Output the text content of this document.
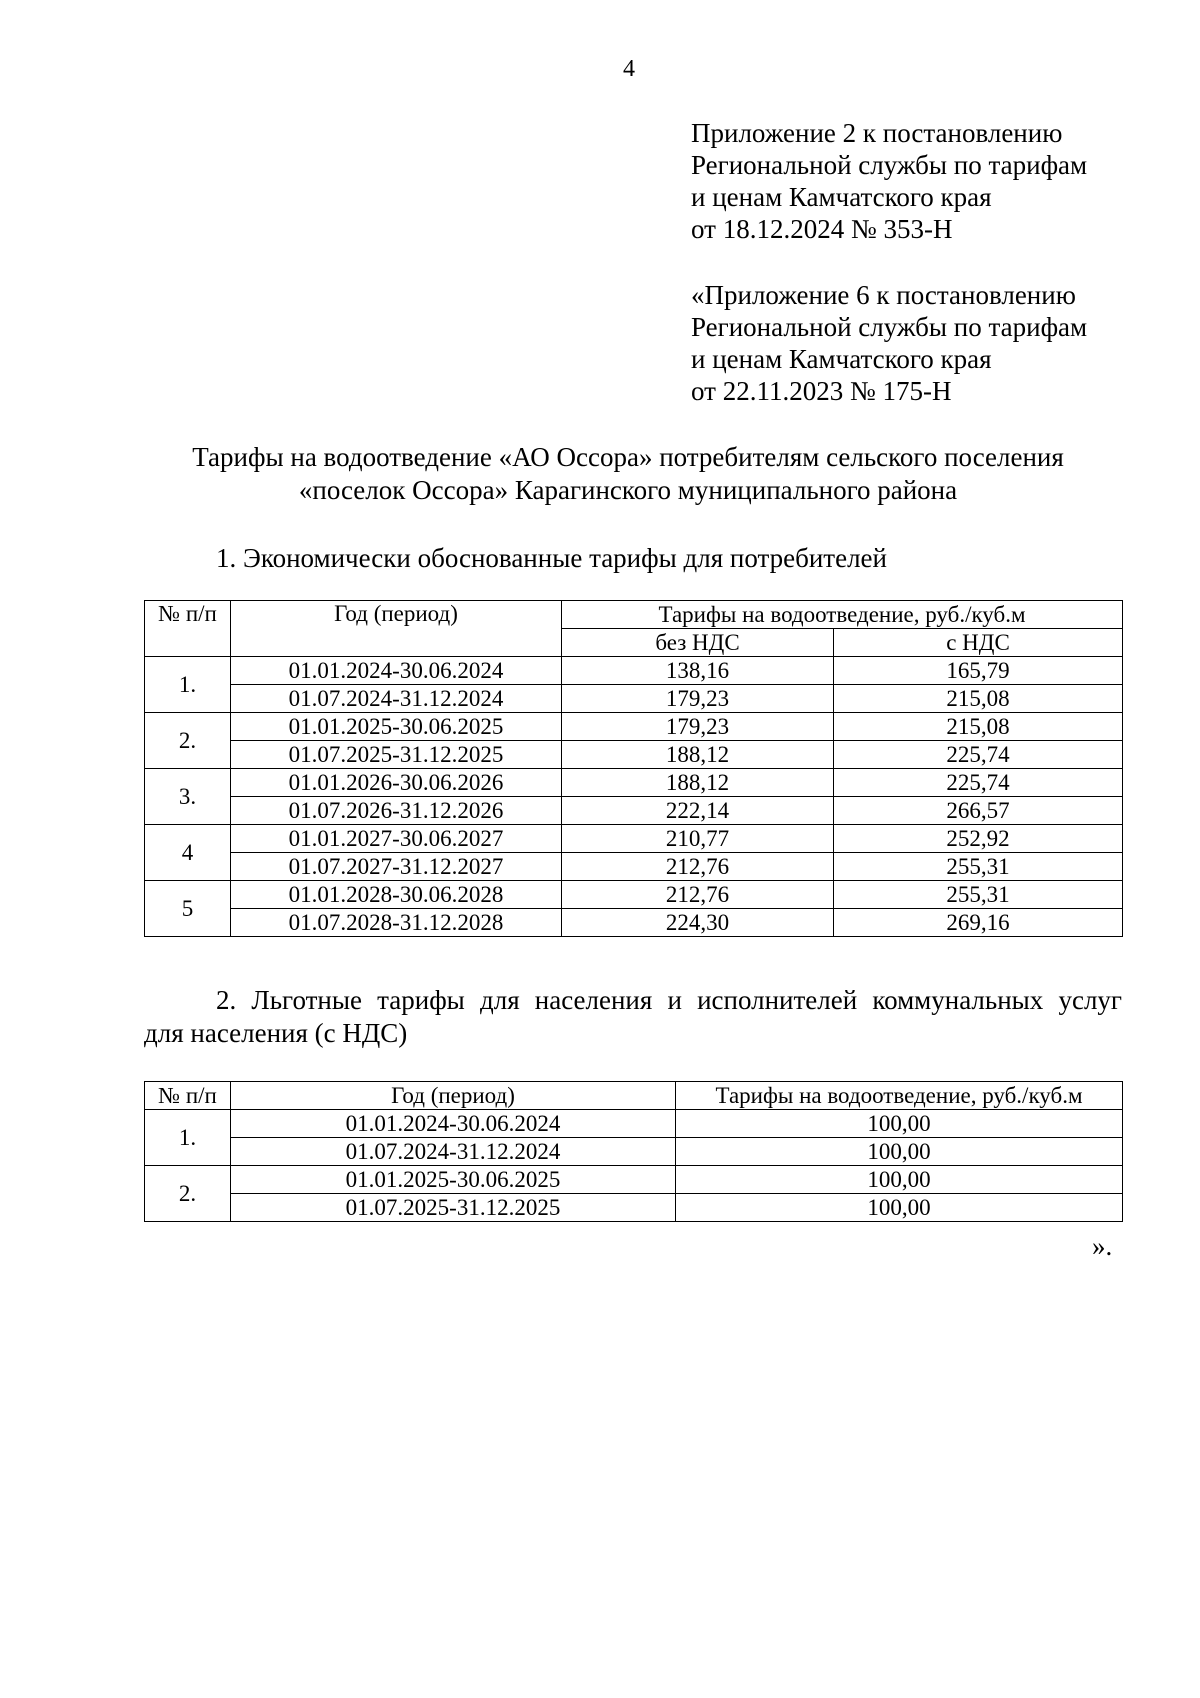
4
Приложение 2 к постановлению
Региональной службы по тарифам
и ценам Камчатского края
от 18.12.2024 № 353-Н
«Приложение 6 к постановлению
Региональной службы по тарифам
и ценам Камчатского края
от 22.11.2023 № 175-Н
Тарифы на водоотведение «АО Оссора» потребителям сельского поселения
«поселок Оссора» Карагинского муниципального района
1. Экономически обоснованные тарифы для потребителей
№ п/п	Год (период)	Тарифы на водоотведение, руб./куб.м	
		без НДС	с НДС
1.	01.01.2024-30.06.2024	138,16	165,79
	01.07.2024-31.12.2024	179,23	215,08
2.	01.01.2025-30.06.2025	179,23	215,08
	01.07.2025-31.12.2025	188,12	225,74
3.	01.01.2026-30.06.2026	188,12	225,74
	01.07.2026-31.12.2026	222,14	266,57
4	01.01.2027-30.06.2027	210,77	252,92
	01.07.2027-31.12.2027	212,76	255,31
5	01.01.2028-30.06.2028	212,76	255,31
	01.07.2028-31.12.2028	224,30	269,16
2. Льготные тарифы для населения и исполнителей коммунальных услуг
для населения (с НДС)
№ п/п	Год (период)	Тарифы на водоотведение, руб./куб.м
1.	01.01.2024-30.06.2024	100,00
	01.07.2024-31.12.2024	100,00
2.	01.01.2025-30.06.2025	100,00
	01.07.2025-31.12.2025	100,00
».
